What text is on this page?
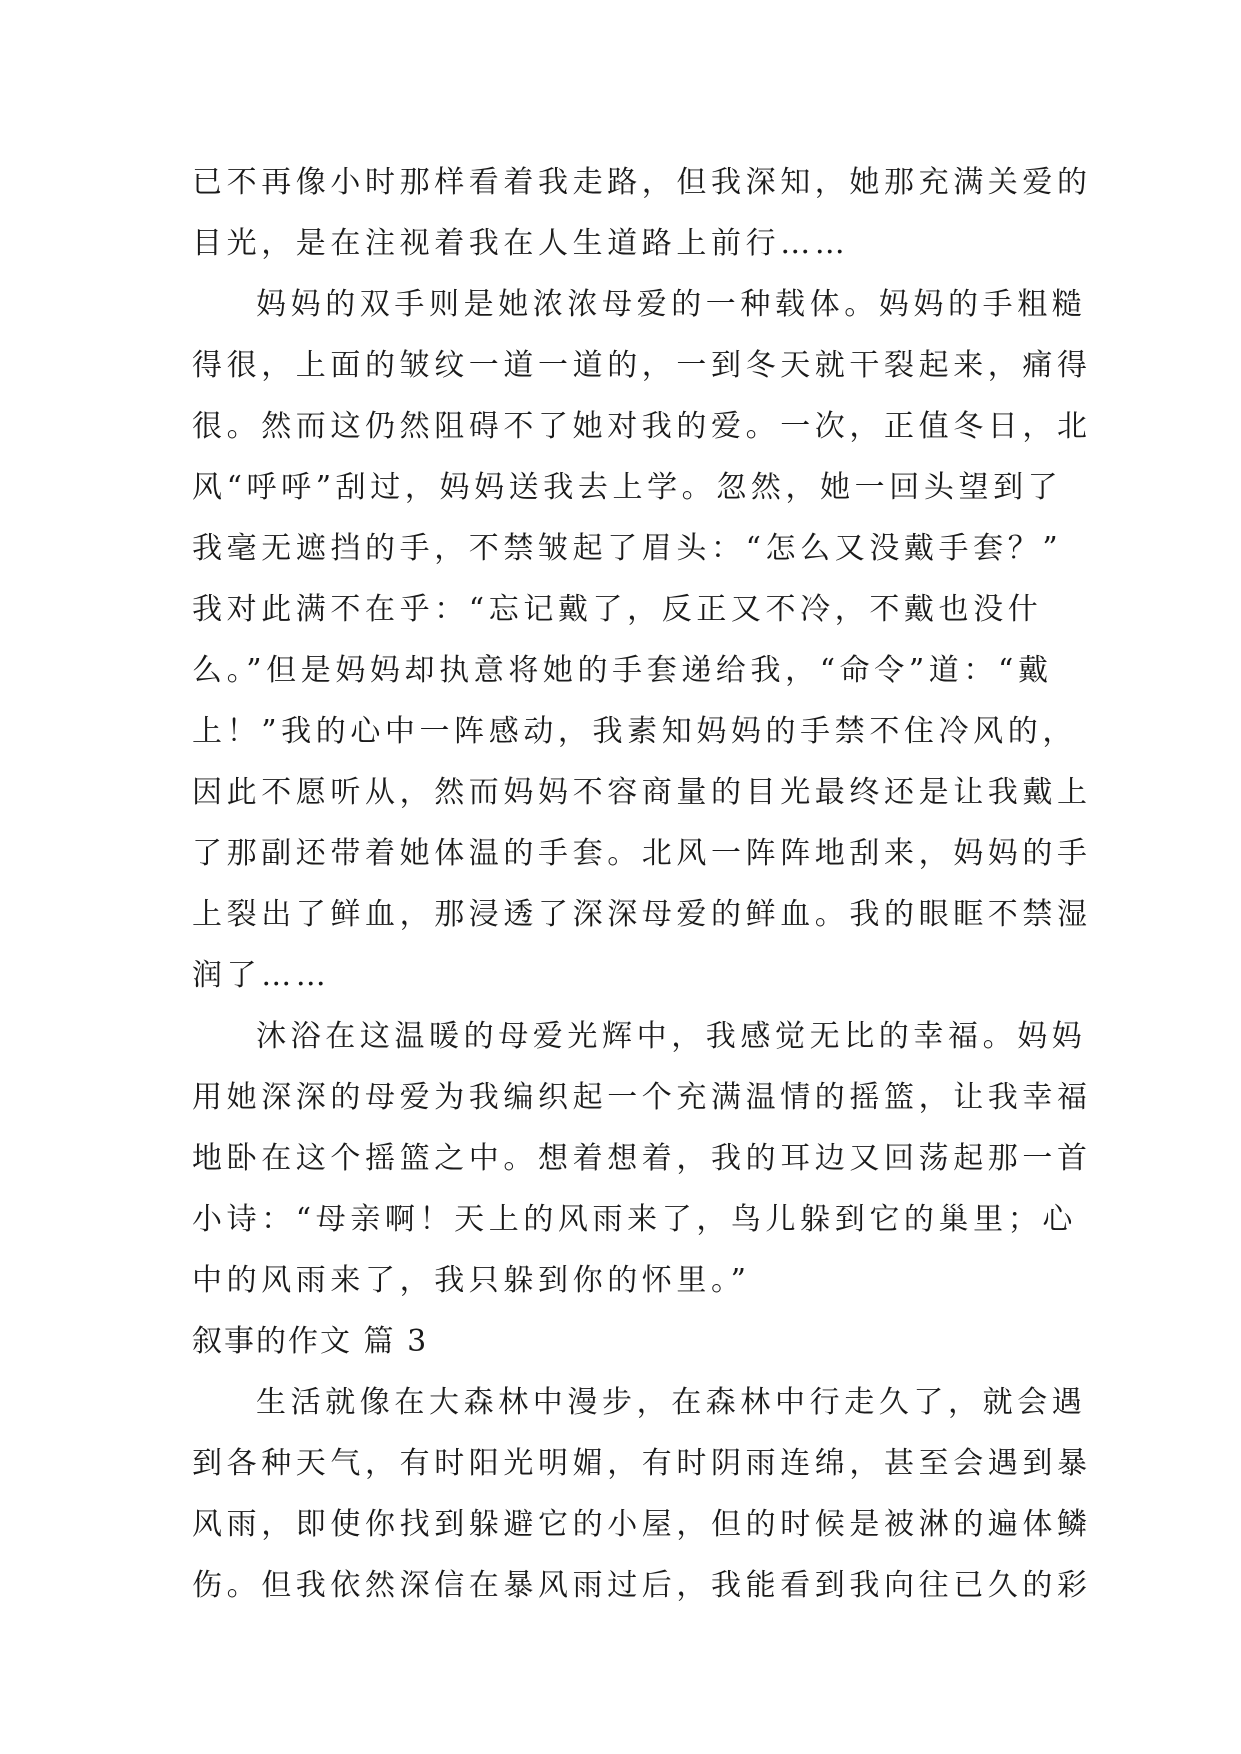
已不再像小时那样看着我走路，但我深知，她那充满关爱的
目光，是在注视着我在人生道路上前行……
妈妈的双手则是她浓浓母爱的一种载体。妈妈的手粗糙
得很，上面的皱纹一道一道的，一到冬天就干裂起来，痛得
很。然而这仍然阻碍不了她对我的爱。一次，正值冬日，北
风“呼呼”刮过，妈妈送我去上学。忽然，她一回头望到了
我毫无遮挡的手，不禁皱起了眉头：“怎么又没戴手套？”
我对此满不在乎：“忘记戴了，反正又不冷，不戴也没什
么。”但是妈妈却执意将她的手套递给我，“命令”道：“戴
上！”我的心中一阵感动，我素知妈妈的手禁不住冷风的，
因此不愿听从，然而妈妈不容商量的目光最终还是让我戴上
了那副还带着她体温的手套。北风一阵阵地刮来，妈妈的手
上裂出了鲜血，那浸透了深深母爱的鲜血。我的眼眶不禁湿
润了……
沐浴在这温暖的母爱光辉中，我感觉无比的幸福。妈妈
用她深深的母爱为我编织起一个充满温情的摇篮，让我幸福
地卧在这个摇篮之中。想着想着，我的耳边又回荡起那一首
小诗：“母亲啊！天上的风雨来了，鸟儿躲到它的巢里；心
中的风雨来了，我只躲到你的怀里。”
叙事的作文 篇 3
生活就像在大森林中漫步，在森林中行走久了，就会遇
到各种天气，有时阳光明媚，有时阴雨连绵，甚至会遇到暴
风雨，即使你找到躲避它的小屋，但的时候是被淋的遍体鳞
伤。但我依然深信在暴风雨过后，我能看到我向往已久的彩
